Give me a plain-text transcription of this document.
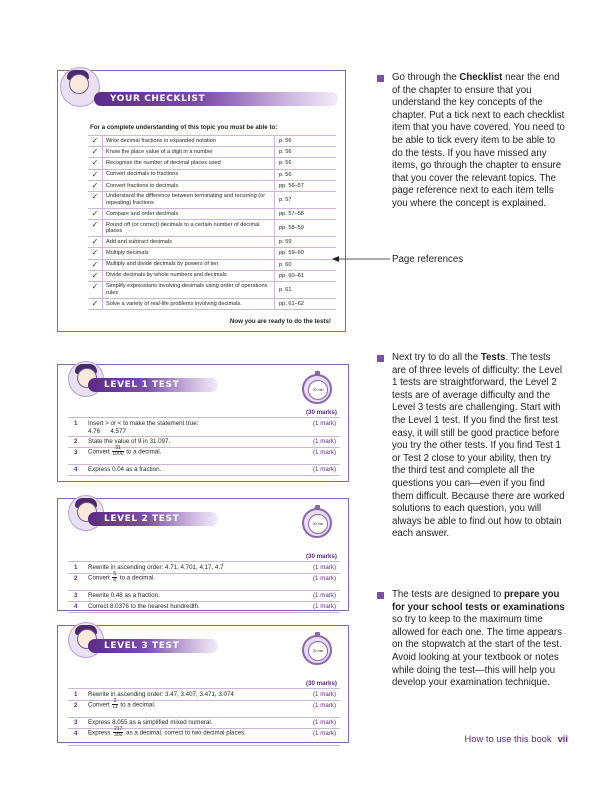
YOUR CHECKLIST
For a complete understanding of this topic you must be able to:
✓	Write decimal fractions in expanded notation	p. 56
✓	Know the place value of a digit in a number	p. 56
✓	Recognise the number of decimal places used	p. 56
✓	Convert decimals to fractions	p. 56
✓	Convert fractions to decimals	pp. 56–57
✓	Understand the difference between terminating and recurring (or repeating) fractions	p. 57
✓	Compare and order decimals	pp. 57–58
✓	Round off (or correct) decimals to a certain number of decimal places	pp. 58–59
✓	Add and subtract decimals	p. 59
✓	Multiply decimals	pp. 59–60
✓	Multiply and divide decimals by powers of ten	p. 60
✓	Divide decimals by whole numbers and decimals	pp. 60–61
✓	Simplify expressions involving decimals using order of operations rules	p. 61
✓	Solve a variety of real-life problems involving decimals.	pp. 61–62
Now you are ready to do the tests!
Page references
LEVEL 1 TEST	30 min
(30 marks)
1 Insert > or < to make the statement true:	(1 mark)
4.76      4.577
2 State the value of 9 in 31.097.	(1 mark)
3 Convert $\frac{31}{1000}$ to a decimal.	(1 mark)
4 Express 0.04 as a fraction.	(1 mark)
LEVEL 2 TEST	30 min
(30 marks)
1 Rewrite in ascending order: 4.71, 4.701, 4.17, 4.7	(1 mark)
2 Convert $\frac{5}{8}$ to a decimal.	(1 mark)
3 Rewrite 0.48 as a fraction.	(1 mark)
4 Correct 8.0376 to the nearest hundredth.	(1 mark)
LEVEL 3 TEST	30 min
(30 marks)
1 Rewrite in ascending order: 3.47, 3.407, 3.471, 3.074	(1 mark)
2 Convert $\frac{2}{11}$ to a decimal.	(1 mark)
3 Express 8.055 as a simplified mixed numeral.	(1 mark)
4 Express $\frac{217}{300}$ as a decimal, correct to two decimal places.	(1 mark)
Go through the Checklist near the end of the chapter to ensure that you understand the key concepts of the chapter. Put a tick next to each checklist item that you have covered. You need to be able to tick every item to be able to do the tests. If you have missed any items, go through the chapter to ensure that you cover the relevant topics. The page reference next to each item tells you where the concept is explained.
Next try to do all the Tests. The tests are of three levels of difficulty: the Level 1 tests are straightforward, the Level 2 tests are of average difficulty and the Level 3 tests are challenging. Start with the Level 1 test. If you find the first test easy, it will still be good practice before you try the other tests. If you find Test 1 or Test 2 close to your ability, then try the third test and complete all the questions you can—even if you find them difficult. Because there are worked solutions to each question, you will always be able to find out how to obtain each answer.
The tests are designed to prepare you for your school tests or examinations so try to keep to the maximum time allowed for each one. The time appears on the stopwatch at the start of the test. Avoid looking at your textbook or notes while doing the test—this will help you develop your examination technique.
How to use this book vii
